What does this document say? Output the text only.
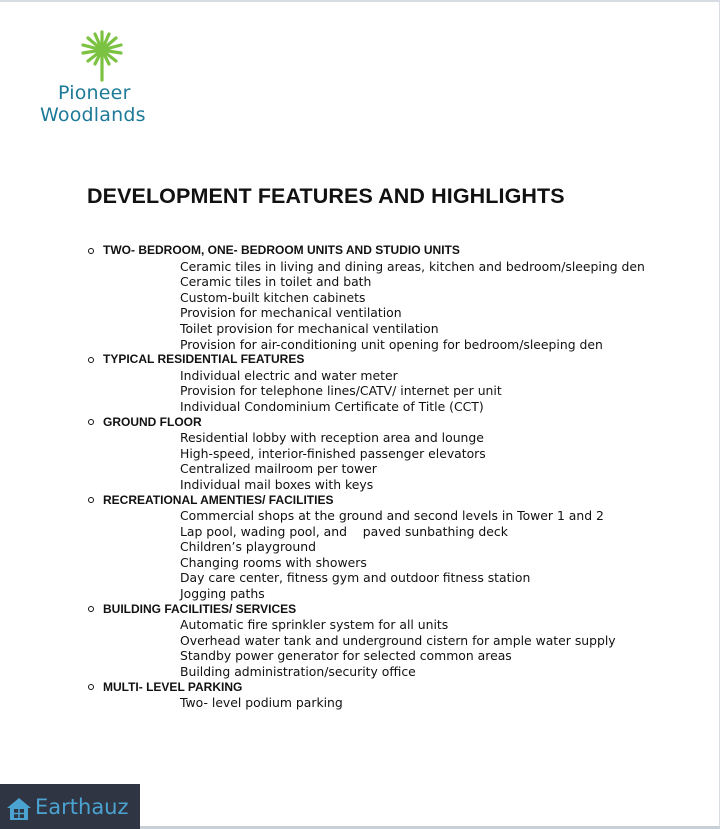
Pioneer
Woodlands
DEVELOPMENT FEATURES AND HIGHLIGHTS
TWO- BEDROOM, ONE- BEDROOM UNITS AND STUDIO UNITS
Ceramic tiles in living and dining areas, kitchen and bedroom/sleeping den
Ceramic tiles in toilet and bath
Custom-built kitchen cabinets
Provision for mechanical ventilation
Toilet provision for mechanical ventilation
Provision for air-conditioning unit opening for bedroom/sleeping den
TYPICAL RESIDENTIAL FEATURES
Individual electric and water meter
Provision for telephone lines/CATV/ internet per unit
Individual Condominium Certificate of Title (CCT)
GROUND FLOOR
Residential lobby with reception area and lounge
High-speed, interior-finished passenger elevators
Centralized mailroom per tower
Individual mail boxes with keys
RECREATIONAL AMENTIES/ FACILITIES
Commercial shops at the ground and second levels in Tower 1 and 2
Lap pool, wading pool, and    paved sunbathing deck
Children’s playground
Changing rooms with showers
Day care center, fitness gym and outdoor fitness station
Jogging paths
BUILDING FACILITIES/ SERVICES
Automatic fire sprinkler system for all units
Overhead water tank and underground cistern for ample water supply
Standby power generator for selected common areas
Building administration/security office
MULTI- LEVEL PARKING
Two- level podium parking
Earthauz
